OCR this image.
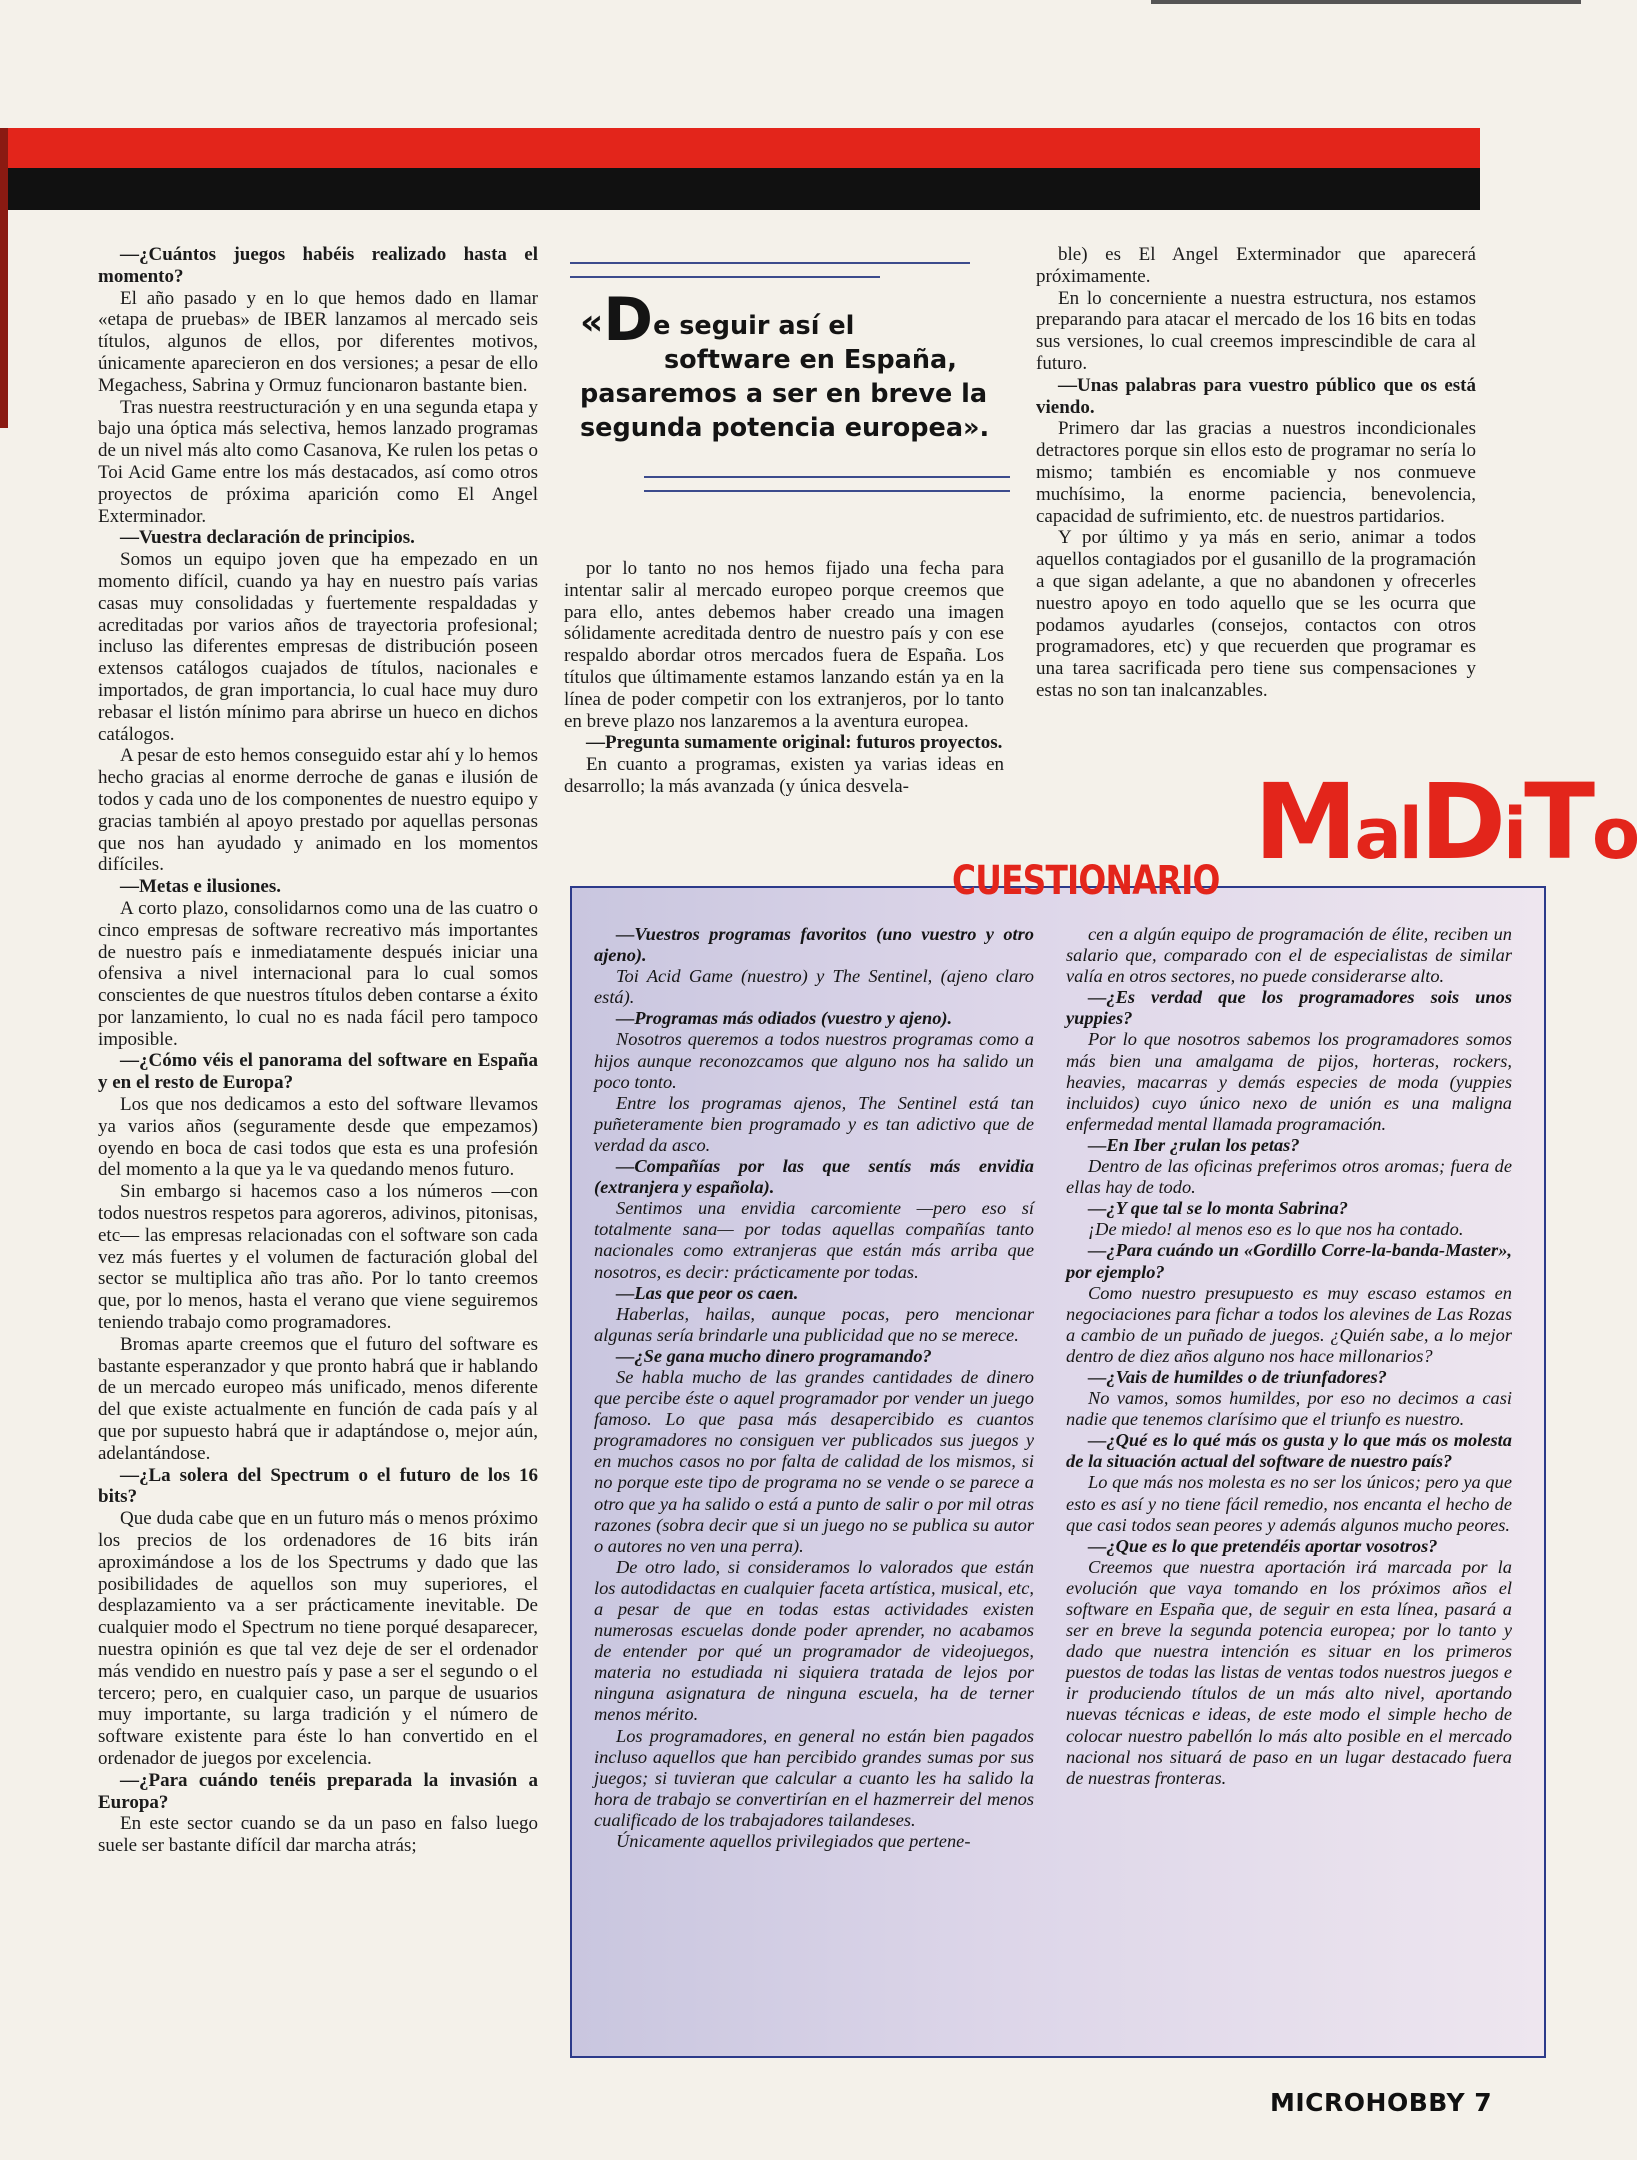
—¿Cuántos juegos habéis realizado hasta el momento?

El año pasado y en lo que hemos dado en llamar «etapa de pruebas» de IBER lanzamos al mercado seis títulos, algunos de ellos, por diferentes motivos, únicamente aparecieron en dos versiones; a pesar de ello Megachess, Sabrina y Ormuz funcionaron bastante bien.

Tras nuestra reestructuración y en una segunda etapa y bajo una óptica más selectiva, hemos lanzado programas de un nivel más alto como Casanova, Ke rulen los petas o Toi Acid Game entre los más destacados, así como otros proyectos de próxima aparición como El Angel Exterminador.

—Vuestra declaración de principios.

Somos un equipo joven que ha empezado en un momento difícil, cuando ya hay en nuestro país varias casas muy consolidadas y fuertemente respaldadas y acreditadas por varios años de trayectoria profesional; incluso las diferentes empresas de distribución poseen extensos catálogos cuajados de títulos, nacionales e importados, de gran importancia, lo cual hace muy duro rebasar el listón mínimo para abrirse un hueco en dichos catálogos.

A pesar de esto hemos conseguido estar ahí y lo hemos hecho gracias al enorme derroche de ganas e ilusión de todos y cada uno de los componentes de nuestro equipo y gracias también al apoyo prestado por aquellas personas que nos han ayudado y animado en los momentos difíciles.

—Metas e ilusiones.

A corto plazo, consolidarnos como una de las cuatro o cinco empresas de software recreativo más importantes de nuestro país e inmediatamente después iniciar una ofensiva a nivel internacional para lo cual somos conscientes de que nuestros títulos deben contarse a éxito por lanzamiento, lo cual no es nada fácil pero tampoco imposible.

—¿Cómo véis el panorama del software en España y en el resto de Europa?

Los que nos dedicamos a esto del software llevamos ya varios años (seguramente desde que empezamos) oyendo en boca de casi todos que esta es una profesión del momento a la que ya le va quedando menos futuro.

Sin embargo si hacemos caso a los números —con todos nuestros respetos para agoreros, adivinos, pitonisas, etc— las empresas relacionadas con el software son cada vez más fuertes y el volumen de facturación global del sector se multiplica año tras año. Por lo tanto creemos que, por lo menos, hasta el verano que viene seguiremos teniendo trabajo como programadores.

Bromas aparte creemos que el futuro del software es bastante esperanzador y que pronto habrá que ir hablando de un mercado europeo más unificado, menos diferente del que existe actualmente en función de cada país y al que por supuesto habrá que ir adaptándose o, mejor aún, adelantándose.

—¿La solera del Spectrum o el futuro de los 16 bits?

Que duda cabe que en un futuro más o menos próximo los precios de los ordenadores de 16 bits irán aproximándose a los de los Spectrums y dado que las posibilidades de aquellos son muy superiores, el desplazamiento va a ser prácticamente inevitable. De cualquier modo el Spectrum no tiene porqué desaparecer, nuestra opinión es que tal vez deje de ser el ordenador más vendido en nuestro país y pase a ser el segundo o el tercero; pero, en cualquier caso, un parque de usuarios muy importante, su larga tradición y el número de software existente para éste lo han convertido en el ordenador de juegos por excelencia.

—¿Para cuándo tenéis preparada la invasión a Europa?

En este sector cuando se da un paso en falso luego suele ser bastante difícil dar marcha atrás;

«De seguir así el
software en España,
pasaremos a ser en breve la
segunda potencia europea».

por lo tanto no nos hemos fijado una fecha para intentar salir al mercado europeo porque creemos que para ello, antes debemos haber creado una imagen sólidamente acreditada dentro de nuestro país y con ese respaldo abordar otros mercados fuera de España. Los títulos que últimamente estamos lanzando están ya en la línea de poder competir con los extranjeros, por lo tanto en breve plazo nos lanzaremos a la aventura europea.

—Pregunta sumamente original: futuros proyectos.

En cuanto a programas, existen ya varias ideas en desarrollo; la más avanzada (y única desvela-

ble) es El Angel Exterminador que aparecerá próximamente.

En lo concerniente a nuestra estructura, nos estamos preparando para atacar el mercado de los 16 bits en todas sus versiones, lo cual creemos imprescindible de cara al futuro.

—Unas palabras para vuestro público que os está viendo.

Primero dar las gracias a nuestros incondicionales detractores porque sin ellos esto de programar no sería lo mismo; también es encomiable y nos conmueve muchísimo, la enorme paciencia, benevolencia, capacidad de sufrimiento, etc. de nuestros partidarios.

Y por último y ya más en serio, animar a todos aquellos contagiados por el gusanillo de la programación a que sigan adelante, a que no abandonen y ofrecerles nuestro apoyo en todo aquello que se les ocurra que podamos ayudarles (consejos, contactos con otros programadores, etc) y que recuerden que programar es una tarea sacrificada pero tiene sus compensaciones y estas no son tan inalcanzables.

—Vuestros programas favoritos (uno vuestro y otro ajeno).

Toi Acid Game (nuestro) y The Sentinel, (ajeno claro está).

—Programas más odiados (vuestro y ajeno).

Nosotros queremos a todos nuestros programas como a hijos aunque reconozcamos que alguno nos ha salido un poco tonto.

Entre los programas ajenos, The Sentinel está tan puñeteramente bien programado y es tan adictivo que de verdad da asco.

—Compañías por las que sentís más envidia (extranjera y española).

Sentimos una envidia carcomiente —pero eso sí totalmente sana— por todas aquellas compañías tanto nacionales como extranjeras que están más arriba que nosotros, es decir: prácticamente por todas.

—Las que peor os caen.

Haberlas, hailas, aunque pocas, pero mencionar algunas sería brindarle una publicidad que no se merece.

—¿Se gana mucho dinero programando?

Se habla mucho de las grandes cantidades de dinero que percibe éste o aquel programador por vender un juego famoso. Lo que pasa más desapercibido es cuantos programadores no consiguen ver publicados sus juegos y en muchos casos no por falta de calidad de los mismos, si no porque este tipo de programa no se vende o se parece a otro que ya ha salido o está a punto de salir o por mil otras razones (sobra decir que si un juego no se publica su autor o autores no ven una perra).

De otro lado, si consideramos lo valorados que están los autodidactas en cualquier faceta artística, musical, etc, a pesar de que en todas estas actividades existen numerosas escuelas donde poder aprender, no acabamos de entender por qué un programador de videojuegos, materia no estudiada ni siquiera tratada de lejos por ninguna asignatura de ninguna escuela, ha de terner menos mérito.

Los programadores, en general no están bien pagados incluso aquellos que han percibido grandes sumas por sus juegos; si tuvieran que calcular a cuanto les ha salido la hora de trabajo se convertirían en el hazmerreir del menos cualificado de los trabajadores tailandeses.

Únicamente aquellos privilegiados que pertene-

cen a algún equipo de programación de élite, reciben un salario que, comparado con el de especialistas de similar valía en otros sectores, no puede considerarse alto.

—¿Es verdad que los programadores sois unos yuppies?

Por lo que nosotros sabemos los programadores somos más bien una amalgama de pijos, horteras, rockers, heavies, macarras y demás especies de moda (yuppies incluidos) cuyo único nexo de unión es una maligna enfermedad mental llamada programación.

—En Iber ¿rulan los petas?

Dentro de las oficinas preferimos otros aromas; fuera de ellas hay de todo.

—¿Y que tal se lo monta Sabrina?

¡De miedo! al menos eso es lo que nos ha contado.

—¿Para cuándo un «Gordillo Corre-la-banda-Master», por ejemplo?

Como nuestro presupuesto es muy escaso estamos en negociaciones para fichar a todos los alevines de Las Rozas a cambio de un puñado de juegos. ¿Quién sabe, a lo mejor dentro de diez años alguno nos hace millonarios?

—¿Vais de humildes o de triunfadores?

No vamos, somos humildes, por eso no decimos a casi nadie que tenemos clarísimo que el triunfo es nuestro.

—¿Qué es lo qué más os gusta y lo que más os molesta de la situación actual del software de nuestro país?

Lo que más nos molesta es no ser los únicos; pero ya que esto es así y no tiene fácil remedio, nos encanta el hecho de que casi todos sean peores y además algunos mucho peores.

—¿Que es lo que pretendéis aportar vosotros?

Creemos que nuestra aportación irá marcada por la evolución que vaya tomando en los próximos años el software en España que, de seguir en esta línea, pasará a ser en breve la segunda potencia europea; por lo tanto y dado que nuestra intención es situar en los primeros puestos de todas las listas de ventas todos nuestros juegos e ir produciendo títulos de un más alto nivel, aportando nuevas técnicas e ideas, de este modo el simple hecho de colocar nuestro pabellón lo más alto posible en el mercado nacional nos situará de paso en un lugar destacado fuera de nuestras fronteras.

CUESTIONARIO MalDiTo
MICROHOBBY 7
